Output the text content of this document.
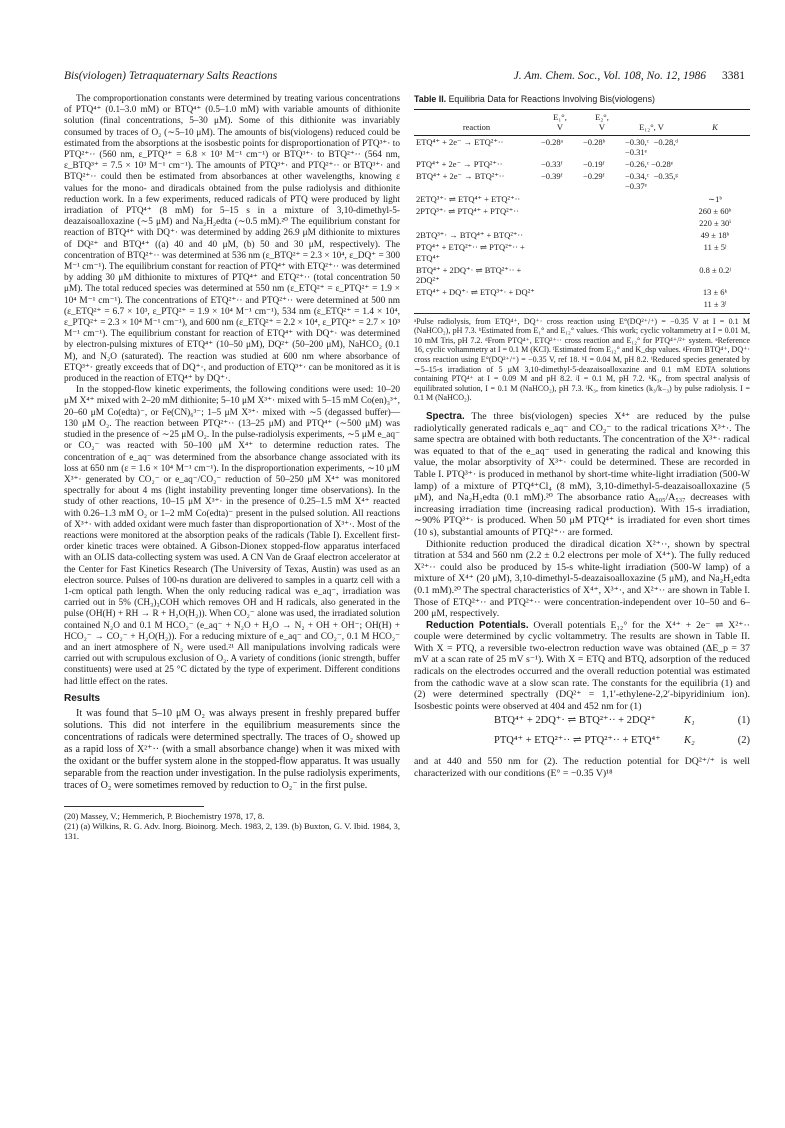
Bis(viologen) Tetraquaternary Salts Reactions	J. Am. Chem. Soc., Vol. 108, No. 12, 1986 3381

The comproportionation constants were determined by treating various concentrations of PTQ⁴⁺ (0.1–3.0 mM) or BTQ⁴⁺ (0.5–1.0 mM) with variable amounts of dithionite solution (final concentrations, 5–30 μM). Some of this dithionite was invariably consumed by traces of O₂ (∼5–10 μM). The amounts of bis(viologens) reduced could be estimated from the absorptions at the isosbestic points for disproportionation of PTQ³⁺· to PTQ²⁺·· (560 nm, ε_PTQ³⁺ = 6.8 × 10³ M⁻¹ cm⁻¹) or BTQ³⁺· to BTQ²⁺·· (564 nm, ε_BTQ³⁺ = 7.5 × 10³ M⁻¹ cm⁻¹). The amounts of PTQ³⁺· and PTQ²⁺·· or BTQ³⁺· and BTQ²⁺·· could then be estimated from absorbances at other wavelengths, knowing ε values for the mono- and diradicals obtained from the pulse radiolysis and dithionite reduction work. In a few experiments, reduced radicals of PTQ were produced by light irradiation of PTQ⁴⁺ (8 mM) for 5–15 s in a mixture of 3,10-dimethyl-5-deazaisoalloxazine (∼5 μM) and Na₂H₂edta (∼0.5 mM).²⁰ The equilibrium constant for reaction of BTQ⁴⁺ with DQ⁺· was determined by adding 26.9 μM dithionite to mixtures of DQ²⁺ and BTQ⁴⁺ ((a) 40 and 40 μM, (b) 50 and 30 μM, respectively). The concentration of BTQ²⁺·· was determined at 536 nm (ε_BTQ²⁺ = 2.3 × 10⁴, ε_DQ⁺ = 300 M⁻¹ cm⁻¹). The equilibrium constant for reaction of PTQ⁴⁺ with ETQ²⁺·· was determined by adding 30 μM dithionite to mixtures of PTQ⁴⁺ and ETQ²⁺·· (total concentration 50 μM). The total reduced species was determined at 550 nm (ε_ETQ²⁺ = ε_PTQ²⁺ = 1.9 × 10⁴ M⁻¹ cm⁻¹). The concentrations of ETQ²⁺·· and PTQ²⁺·· were determined at 500 nm (ε_ETQ²⁺ = 6.7 × 10³, ε_PTQ²⁺ = 1.9 × 10⁴ M⁻¹ cm⁻¹), 534 nm (ε_ETQ²⁺ = 1.4 × 10⁴, ε_PTQ²⁺ = 2.3 × 10⁴ M⁻¹ cm⁻¹), and 600 nm (ε_ETQ²⁺ = 2.2 × 10⁴, ε_PTQ²⁺ = 2.7 × 10³ M⁻¹ cm⁻¹). The equilibrium constant for reaction of ETQ⁴⁺ with DQ⁺· was determined by electron-pulsing mixtures of ETQ⁴⁺ (10–50 μM), DQ²⁺ (50–200 μM), NaHCO₂ (0.1 M), and N₂O (saturated). The reaction was studied at 600 nm where absorbance of ETQ³⁺· greatly exceeds that of DQ⁺·, and production of ETQ³⁺· can be monitored as it is produced in the reaction of ETQ⁴⁺ by DQ⁺·.

In the stopped-flow kinetic experiments, the following conditions were used: 10–20 μM X⁴⁺ mixed with 2–20 mM dithionite; 5–10 μM X³⁺· mixed with 5–15 mM Co(en)₃³⁺, 20–60 μM Co(edta)⁻, or Fe(CN)₆³⁻; 1–5 μM X³⁺· mixed with ∼5 (degassed buffer)—130 μM O₂. The reaction between PTQ²⁺·· (13–25 μM) and PTQ⁴⁺ (∼500 μM) was studied in the presence of ∼25 μM O₂. In the pulse-radiolysis experiments, ∼5 μM e_aq⁻ or CO₂⁻ was reacted with 50–100 μM X⁴⁺ to determine reduction rates. The concentration of e_aq⁻ was determined from the absorbance change associated with its loss at 650 nm (ε = 1.6 × 10⁴ M⁻¹ cm⁻¹). In the disproportionation experiments, ∼10 μM X³⁺· generated by CO₂⁻ or e_aq⁻/CO₂⁻ reduction of 50–250 μM X⁴⁺ was monitored spectrally for about 4 ms (light instability preventing longer time observations). In the study of other reactions, 10–15 μM X³⁺· in the presence of 0.25–1.5 mM X⁴⁺ reacted with 0.26–1.3 mM O₂ or 1–2 mM Co(edta)⁻ present in the pulsed solution. All reactions of X³⁺· with added oxidant were much faster than disproportionation of X³⁺·. Most of the reactions were monitored at the absorption peaks of the radicals (Table I). Excellent first-order kinetic traces were obtained. A Gibson-Dionex stopped-flow apparatus interfaced with an OLIS data-collecting system was used. A CN Van de Graaf electron accelerator at the Center for Fast Kinetics Research (The University of Texas, Austin) was used as an electron source. Pulses of 100-ns duration are delivered to samples in a quartz cell with a 1-cm optical path length. When the only reducing radical was e_aq⁻, irradiation was carried out in 5% (CH₃)₃COH which removes OH and H radicals, also generated in the pulse (OH(H) + RH → R + H₂O(H₂)). When CO₂⁻ alone was used, the irradiated solution contained N₂O and 0.1 M HCO₂⁻ (e_aq⁻ + N₂O + H₂O → N₂ + OH + OH⁻; OH(H) + HCO₂⁻ → CO₂⁻ + H₂O(H₂)). For a reducing mixture of e_aq⁻ and CO₂⁻, 0.1 M HCO₂⁻ and an inert atmosphere of N₂ were used.²¹ All manipulations involving radicals were carried out with scrupulous exclusion of O₂. A variety of conditions (ionic strength, buffer constituents) were used at 25 °C dictated by the type of experiment. Different conditions had little effect on the rates.

Results

It was found that 5–10 μM O₂ was always present in freshly prepared buffer solutions. This did not interfere in the equilibrium measurements since the concentrations of radicals were determined spectrally. The traces of O₂ showed up as a rapid loss of X²⁺·· (with a small absorbance change) when it was mixed with the oxidant or the buffer system alone in the stopped-flow apparatus. It was usually separable from the reaction under investigation. In the pulse radiolysis experiments, traces of O₂ were sometimes removed by reduction to O₂⁻ in the first pulse.

(20) Massey, V.; Hemmerich, P. Biochemistry 1978, 17, 8.

(21) (a) Wilkins, R. G. Adv. Inorg. Bioinorg. Mech. 1983, 2, 139. (b) Buxton, G. V. Ibid. 1984, 3, 131.

Table II. Equilibria Data for Reactions Involving Bis(viologens)
	E₁°,	E₂°,		
reaction	V	V	E₁₂°, V	K
ETQ⁴⁺ + 2e⁻ → ETQ²⁺··	−0.28ᵃ	−0.28ᵇ	−0.30,ᶜ −0.28,ᵈ −0.31ᵉ	
PTQ⁴⁺ + 2e⁻ → PTQ²⁺··	−0.33ᶠ	−0.19ᶠ	−0.26,ᶜ −0.28ᵉ	
BTQ⁴⁺ + 2e⁻ → BTQ²⁺··	−0.39ᶠ	−0.29ᶠ	−0.34,ᶜ −0.35,ᵍ −0.37ᵉ	
2ETQ³⁺· ⇌ ETQ⁴⁺ + ETQ²⁺··				∼1ᵇ
2PTQ³⁺· ⇌ PTQ⁴⁺ + PTQ²⁺··				260 ± 60ʰ
				220 ± 30ⁱ
2BTQ³⁺· → BTQ⁴⁺ + BTQ²⁺··				49 ± 18ʰ
PTQ⁴⁺ + ETQ²⁺·· ⇌ PTQ²⁺·· + ETQ⁴⁺				11 ± 5ʲ
BTQ⁴⁺ + 2DQ⁺· ⇌ BTQ²⁺·· + 2DQ²⁺				0.8 ± 0.2ʲ
ETQ⁴⁺ + DQ⁺· ⇌ ETQ³⁺· + DQ²⁺				13 ± 6ᵏ
				11 ± 3ˡ

ᵃPulse radiolysis, from ETQ⁴⁺, DQ⁺· cross reaction using E°(DQ²⁺/⁺) = −0.35 V at I = 0.1 M (NaHCO₂), pH 7.3. ᵇEstimated from E₁° and E₁₂° values. ᶜThis work; cyclic voltammetry at I = 0.01 M, 10 mM Tris, pH 7.2. ᵈFrom PTQ⁴⁺, ETQ²⁺·· cross reaction and E₁₂° for PTQ⁴⁺/²⁺ system. ᵉReference 16, cyclic voltammetry at I = 0.1 M (KCl). ᶠEstimated from E₁₂° and K_dsp values. ᵍFrom BTQ⁴⁺, DQ⁺· cross reaction using E°(DQ²⁺/⁺) = −0.35 V, ref 18. ʰI = 0.04 M, pH 8.2. ⁱReduced species generated by ∼5–15-s irradiation of 5 μM 3,10-dimethyl-5-deazaisoalloxazine and 0.1 mM EDTA solutions containing PTQ⁴⁺ at I = 0.09 M and pH 8.2. ʲI = 0.1 M, pH 7.2. ᵏK₃, from spectral analysis of equilibrated solution, I = 0.1 M (NaHCO₂), pH 7.3. ˡK₃, from kinetics (k₃/k₋₃) by pulse radiolysis. I = 0.1 M (NaHCO₂).

Spectra. The three bis(viologen) species X⁴⁺ are reduced by the pulse radiolytically generated radicals e_aq⁻ and CO₂⁻ to the radical trications X³⁺·. The same spectra are obtained with both reductants. The concentration of the X³⁺· radical was equated to that of the e_aq⁻ used in generating the radical and knowing this value, the molar absorptivity of X³⁺· could be determined. These are recorded in Table I. PTQ³⁺· is produced in methanol by short-time white-light irradiation (500-W lamp) of a mixture of PTQ⁴⁺Cl₄ (8 mM), 3,10-dimethyl-5-deazaisoalloxazine (5 μM), and Na₂H₂edta (0.1 mM).²⁰ The absorbance ratio A₆₀₅/A₅₃₇ decreases with increasing irradiation time (increasing radical production). With 15-s irradiation, ∼90% PTQ³⁺· is produced. When 50 μM PTQ⁴⁺ is irradiated for even short times (10 s), substantial amounts of PTQ²⁺·· are formed.

Dithionite reduction produced the diradical dication X²⁺··, shown by spectral titration at 534 and 560 nm (2.2 ± 0.2 electrons per mole of X⁴⁺). The fully reduced X²⁺·· could also be produced by 15-s white-light irradiation (500-W lamp) of a mixture of X⁴⁺ (20 μM), 3,10-dimethyl-5-deazaisoalloxazine (5 μM), and Na₂H₂edta (0.1 mM).²⁰ The spectral characteristics of X⁴⁺, X³⁺·, and X²⁺·· are shown in Table I. Those of ETQ²⁺·· and PTQ²⁺·· were concentration-independent over 10–50 and 6–200 μM, respectively.

Reduction Potentials. Overall potentials E₁₂° for the X⁴⁺ + 2e⁻ ⇌ X²⁺·· couple were determined by cyclic voltammetry. The results are shown in Table II. With X = PTQ, a reversible two-electron reduction wave was obtained (ΔE_p = 37 mV at a scan rate of 25 mV s⁻¹). With X = ETQ and BTQ, adsorption of the reduced radicals on the electrodes occurred and the overall reduction potential was estimated from the cathodic wave at a slow scan rate. The constants for the equilibria (1) and (2) were determined spectrally (DQ²⁺ = 1,1′-ethylene-2,2′-bipyridinium ion). Isosbestic points were observed at 404 and 452 nm for (1)

BTQ⁴⁺ + 2DQ⁺· ⇌ BTQ²⁺·· + 2DQ²⁺	K₁	(1)
PTQ⁴⁺ + ETQ²⁺·· ⇌ PTQ²⁺·· + ETQ⁴⁺ K₂	(2)

and at 440 and 550 nm for (2). The reduction potential for DQ²⁺/⁺ is well characterized with our conditions (E° = −0.35 V)¹⁸
